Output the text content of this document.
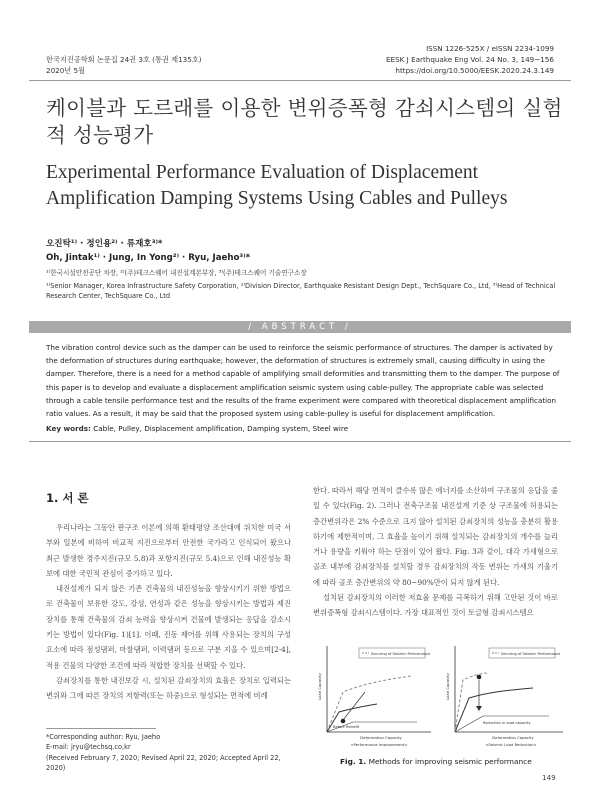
한국지진공학회 논문집 24권 3호 (통권 제135호)
2020년 5월
ISSN 1226-525X / eISSN 2234-1099
EESK J Earthquake Eng Vol. 24 No. 3, 149~156
https://doi.org/10.5000/EESK.2020.24.3.149
케이블과 도르래를 이용한 변위증폭형 감쇠시스템의 실험적 성능평가
Experimental Performance Evaluation of Displacement Amplification Damping Systems Using Cables and Pulleys
오진탁¹⁾ · 정인용²⁾ · 류재호³⁾*
Oh, Jintak¹⁾ · Jung, In Yong²⁾ · Ryu, Jaeho³⁾*
¹⁾한국시설안전공단 차장, ²⁾(주)테크스퀘어 내진설계본부장, ³⁾(주)테크스퀘어 기술연구소장
¹⁾Senior Manager, Korea Infrastructure Safety Corporation, ²⁾Division Director, Earthquake Resistant Design Dept., TechSquare Co., Ltd, ³⁾Head of Technical Research Center, TechSquare Co., Ltd
/ ABSTRACT /
The vibration control device such as the damper can be used to reinforce the seismic performance of structures. The damper is activated by the deformation of structures during earthquake; however, the deformation of structures is extremely small, causing difficulty in using the damper. Therefore, there is a need for a method capable of amplifying small deformities and transmitting them to the damper. The purpose of this paper is to develop and evaluate a displacement amplification seismic system using cable-pulley. The appropriate cable was selected through a cable tensile performance test and the results of the frame experiment were compared with theoretical displacement amplification ratio values. As a result, it may be said that the proposed system using cable-pulley is useful for displacement amplification.
Key words: Cable, Pulley, Displacement amplification, Damping system, Steel wire
1. 서 론

우리나라는 그동안 판구조 이론에 의해 환태평양 조산대에 위치한 미국 서부와 일본에 비하여 비교적 지진으로부터 안전한 국가라고 인식되어 왔으나 최근 발생한 경주지진(규모 5.8)과 포항지진(규모 5.4)으로 인해 내진성능 확보에 대한 국민적 관심이 증가하고 있다.

내진설계가 되지 않은 기존 건축물의 내진성능을 향상시키기 위한 방법으로 건축물이 보유한 강도, 강성, 연성과 같은 성능을 향상시키는 방법과 제진장치를 통해 건축물의 감쇠 능력을 향상시켜 건물에 발생되는 응답을 감소시키는 방법이 있다(Fig. 1)[1]. 이때, 진동 제어를 위해 사용되는 장치의 구성요소에 따라 점성댐퍼, 마찰댐퍼, 이력댐퍼 등으로 구분 지을 수 있으며[2-4], 적용 건물의 다양한 조건에 따라 적합한 장치를 선택할 수 있다.

감쇠장치를 통한 내진보강 시, 설치된 감쇠장치의 효율은 장치로 입력되는 변위와 그에 따른 장치의 저항력(또는 하중)으로 형성되는 면적에 비례

*Corresponding author: Ryu, Jaeho
E-mail: jryu@techsq.co,kr
(Received February 7, 2020; Revised April 22, 2020; Accepted April 22, 2020)

한다. 따라서 해당 면적이 클수록 많은 에너지를 소산하여 구조물의 응답을 줄일 수 있다(Fig. 2). 그러나 전축구조물 내진설계 기준 상 구조물에 허용되는 층간변위각은 2% 수준으로 크지 않아 설치된 감쇠장치의 성능을 충분히 활용하기에 제한적이며, 그 효율을 높이기 위해 설치되는 감쇠장치의 개수를 늘리거나 용량을 키워야 하는 단점이 있어 왔다. Fig. 3과 같이, 대각 가새형으로 골조 내부에 감쇠장치를 설치할 경우 감쇠장치의 작동 변위는 가새의 기울기에 따라 골조 층간변위의 약 80~90%만이 되지 않게 된다.

설치된 감쇠장치의 이러한 저효율 문제를 극복하기 위해 고안된 것이 바로 변위증폭형 감쇠시스템이다. 가장 대표적인 것이 토글형 감쇠시스템으

Securing of Seismic Performance
Load Capacity
Deformation Capacity
Before Retrofit
<Performance Improvement>
Securing of Seismic Performance
Load Capacity
Deformation Capacity
Reduction in load capacity
<Seismic Load Reduction>
Fig. 1. Methods for improving seismic performance
149
